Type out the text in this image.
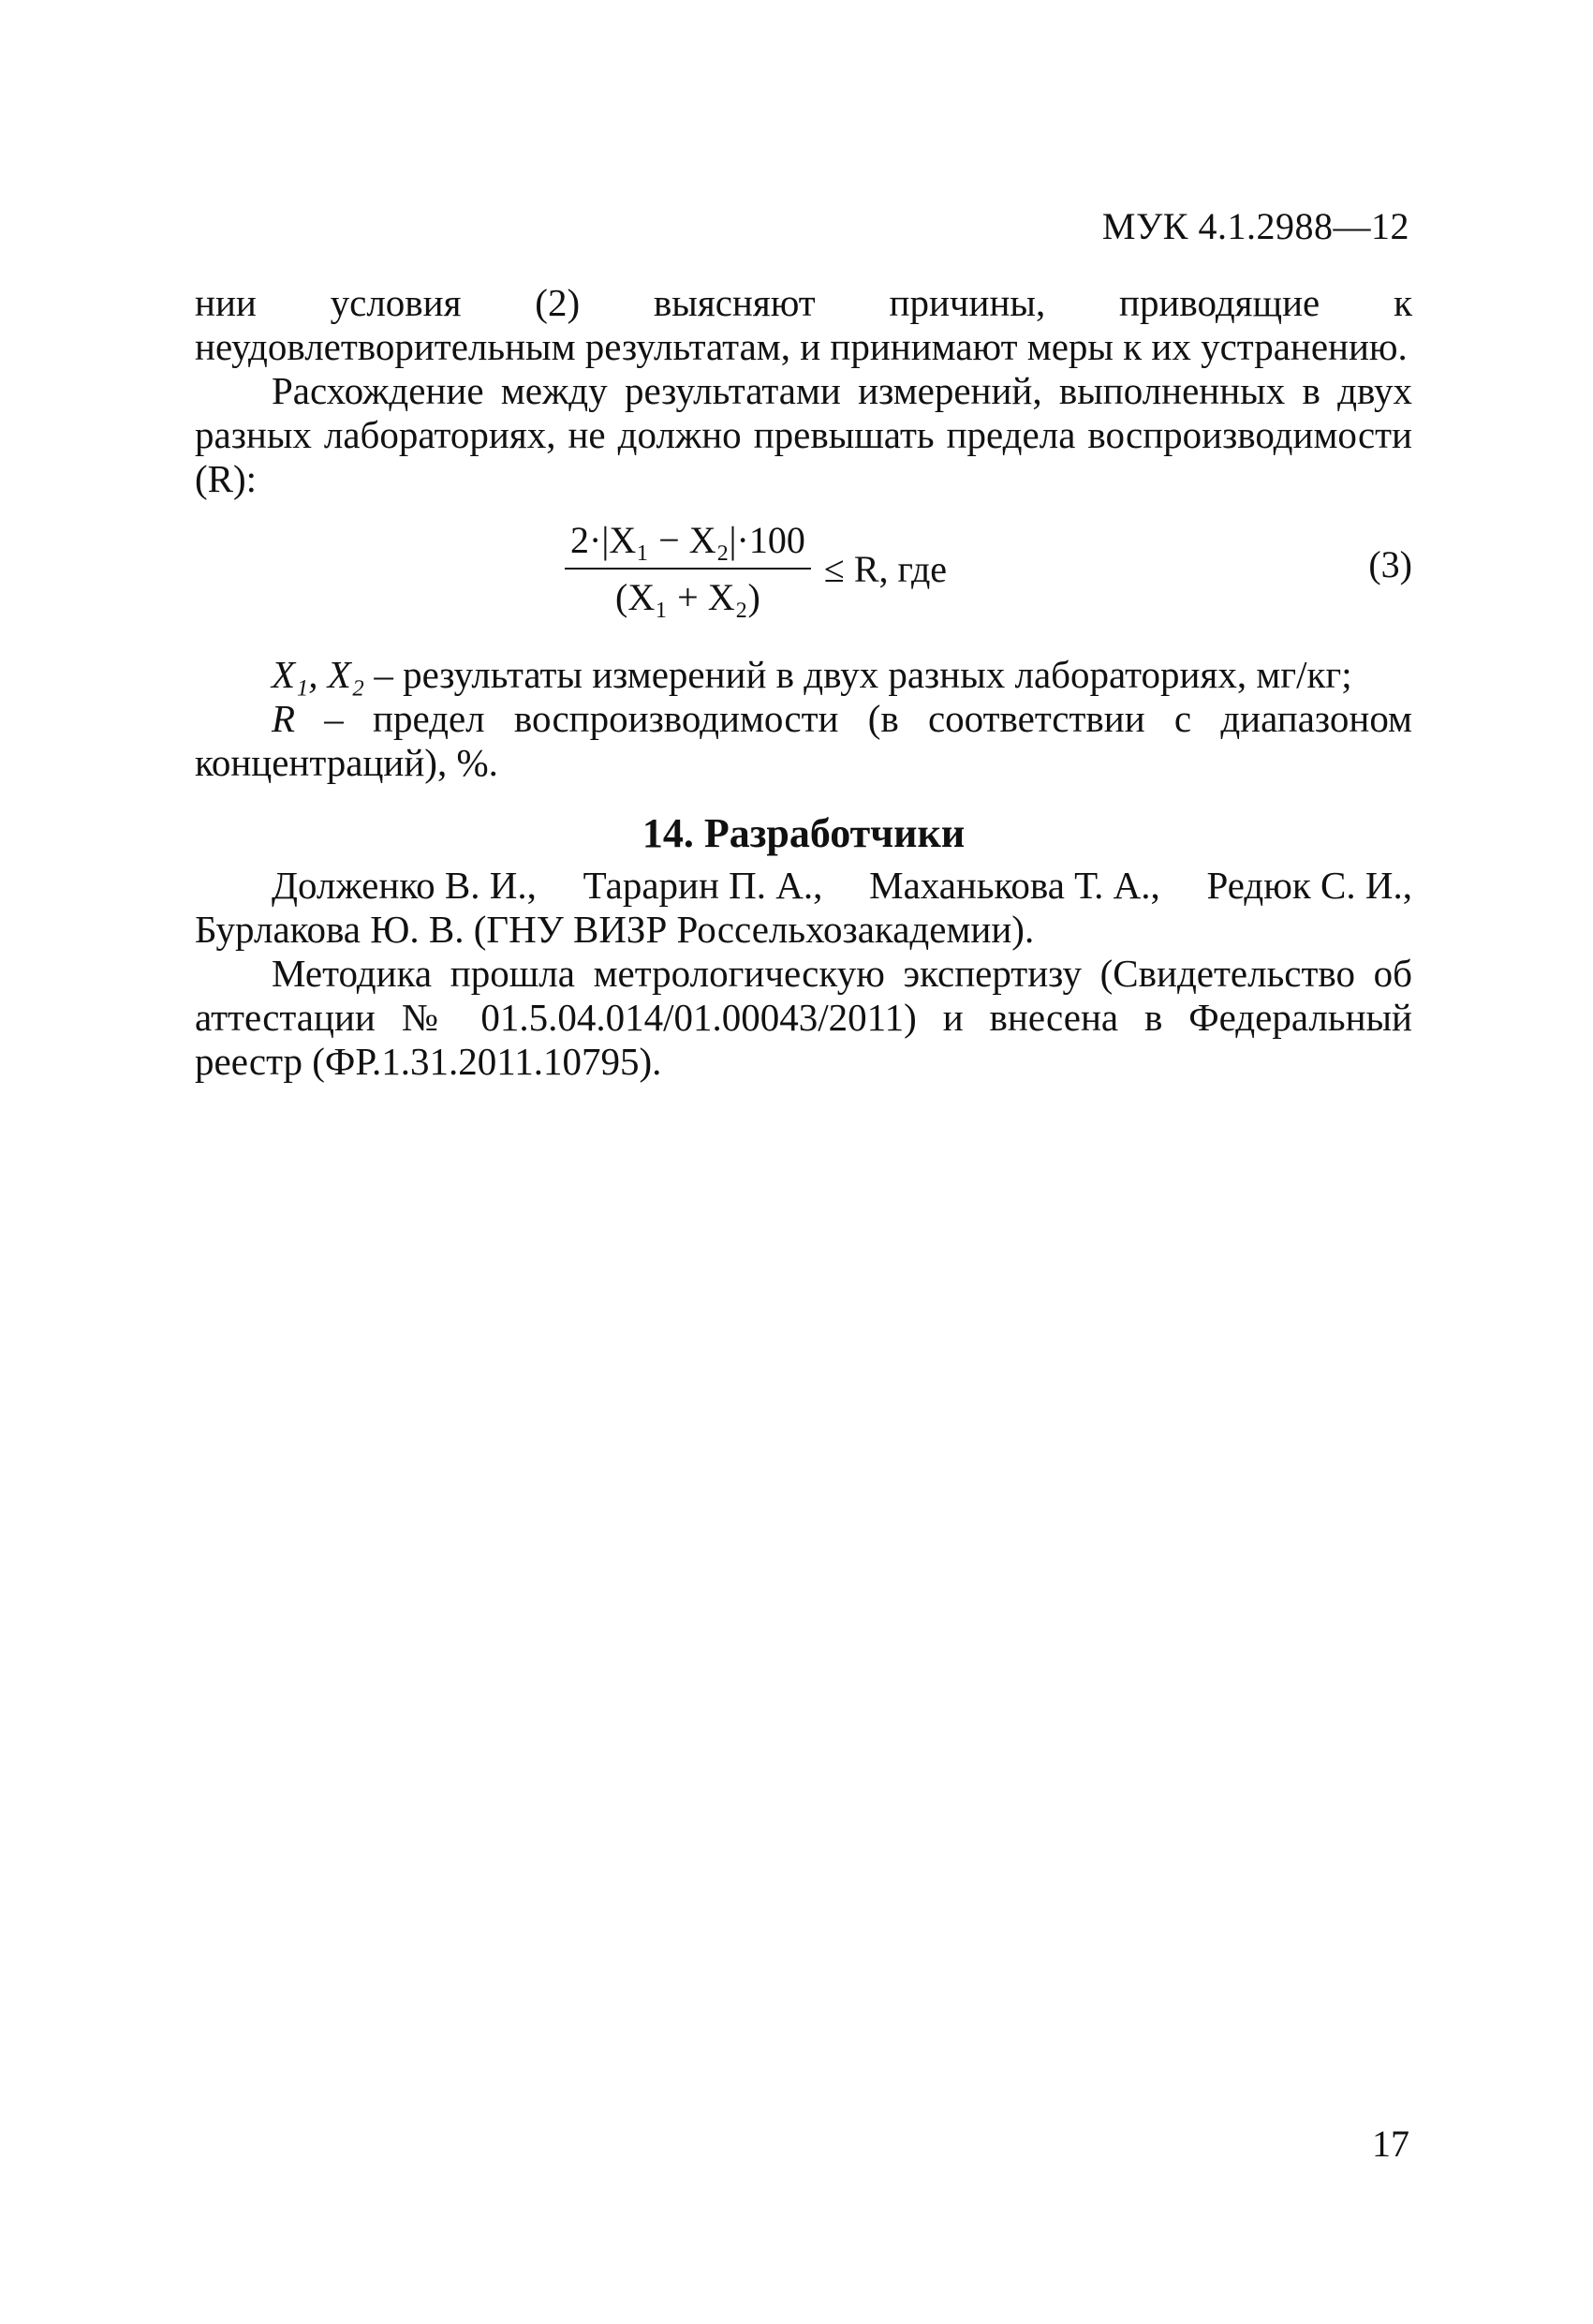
МУК 4.1.2988—12

нии условия (2) выясняют причины, приводящие к неудовлетворительным результатам, и принимают меры к их устранению.

Расхождение между результатами измерений, выполненных в двух разных лабораториях, не должно превышать предела воспроизводимости (R):

$\frac{\text{2·|X₁ − X₂|·100}}{\text{(X₁ + X₂)}} \le R$, где	(3)

X₁, X₂ – результаты измерений в двух разных лабораториях, мг/кг;

R – предел воспроизводимости (в соответствии с диапазоном концентраций), %.

14. Разработчики
Долженко В. И., Тарарин П. А., Маханькова Т. А., Редюк С. И.,

Бурлакова Ю. В. (ГНУ ВИЗР Россельхозакадемии).

Методика прошла метрологическую экспертизу (Свидетельство об аттестации № 01.5.04.014/01.00043/2011) и внесена в Федеральный реестр (ФР.1.31.2011.10795).

17
